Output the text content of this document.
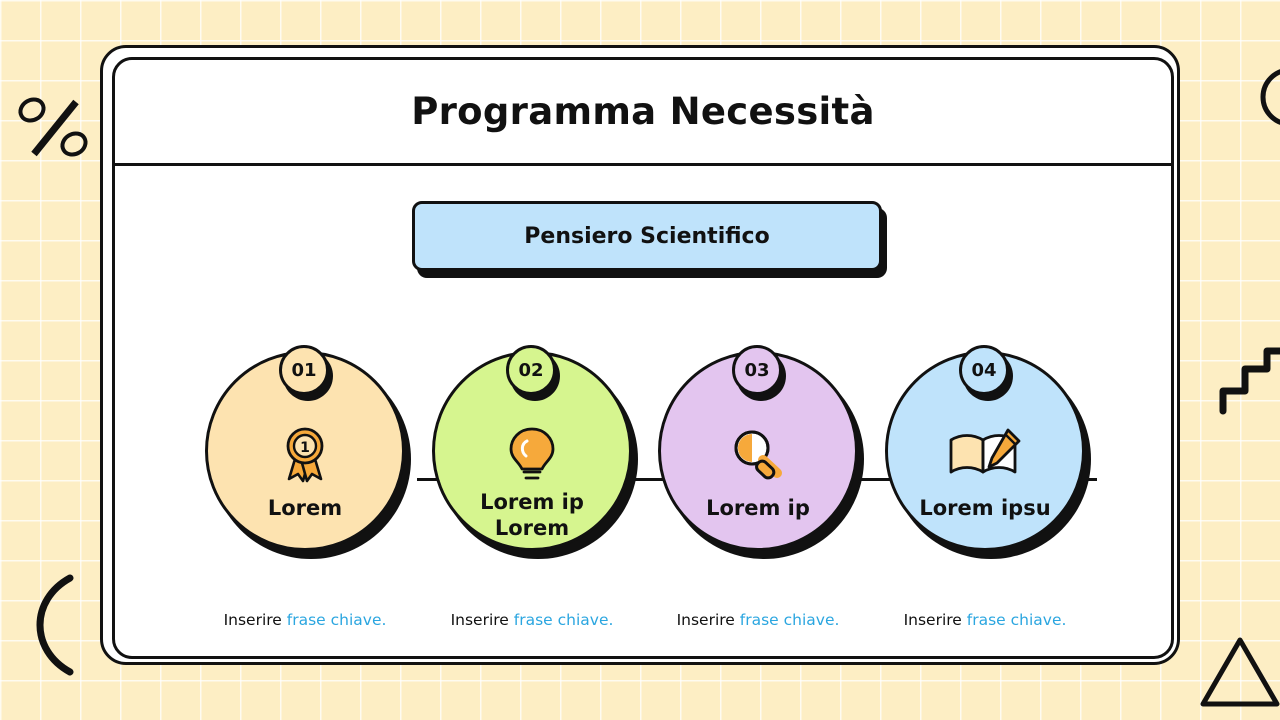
Programma Necessità
Pensiero Scientifico
01
1
Lorem
Inserire frase chiave.
02
Lorem ip
Lorem
Inserire frase chiave.
03
Lorem ip
Inserire frase chiave.
04
Lorem ipsu
Inserire frase chiave.
